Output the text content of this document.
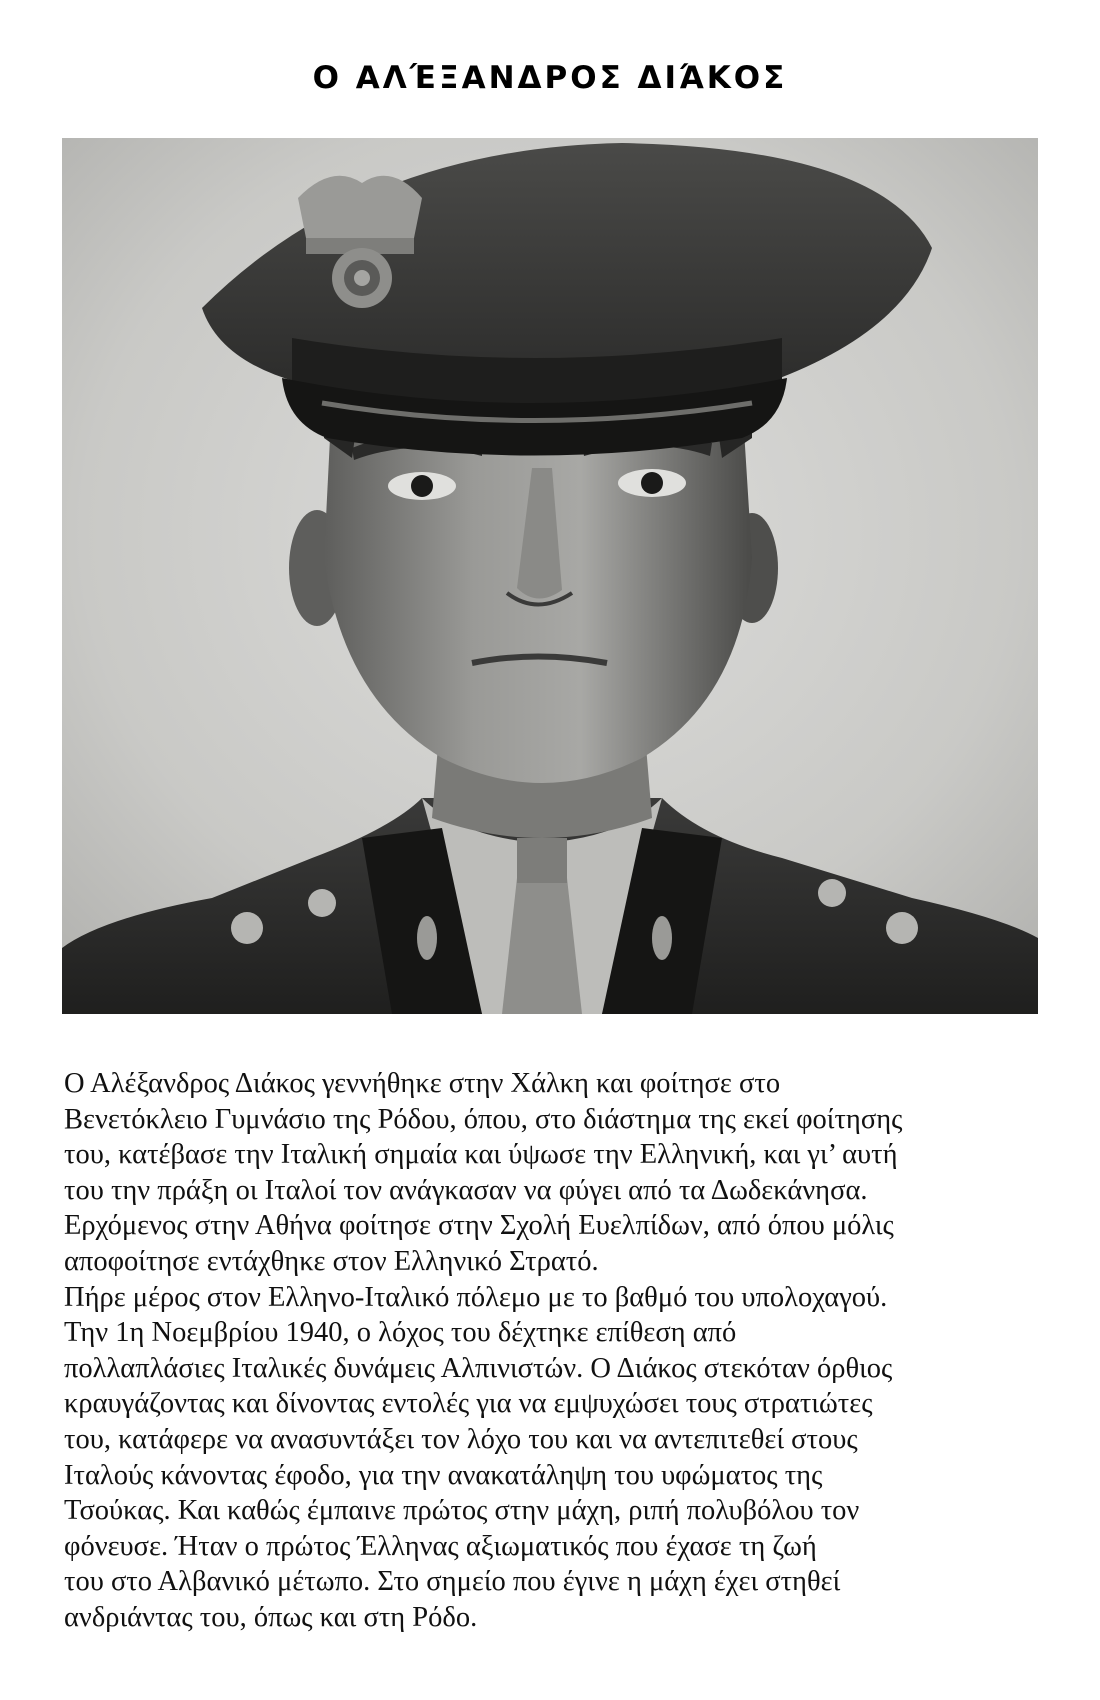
Ο ΑΛΈΞΑΝΔΡΟΣ ΔΙΆΚΟΣ
Ο Αλέξανδρος Διάκος γεννήθηκε στην Χάλκη και φοίτησε στο
Βενετόκλειο Γυμνάσιο της Ρόδου, όπου, στο διάστημα της εκεί φοίτησης
του, κατέβασε την Ιταλική σημαία και ύψωσε την Ελληνική, και γι’ αυτή
του την πράξη οι Ιταλοί τον ανάγκασαν να φύγει από τα Δωδεκάνησα.
Ερχόμενος στην Αθήνα φοίτησε στην Σχολή Ευελπίδων, από όπου μόλις
αποφοίτησε εντάχθηκε στον Ελληνικό Στρατό.
Πήρε μέρος στον Ελληνο-Ιταλικό πόλεμο με το βαθμό του υπολοχαγού.
Την 1η Νοεμβρίου 1940, ο λόχος του δέχτηκε επίθεση από
πολλαπλάσιες Ιταλικές δυνάμεις Αλπινιστών. Ο Διάκος στεκόταν όρθιος
κραυγάζοντας και δίνοντας εντολές για να εμψυχώσει τους στρατιώτες
του, κατάφερε να ανασυντάξει τον λόχο του και να αντεπιτεθεί στους
Ιταλούς κάνοντας έφοδο, για την ανακατάληψη του υφώματος της
Τσούκας. Και καθώς έμπαινε πρώτος στην μάχη, ριπή πολυβόλου τον
φόνευσε. Ήταν ο πρώτος Έλληνας αξιωματικός που έχασε τη ζωή
του στο Αλβανικό μέτωπο. Στο σημείο που έγινε η μάχη έχει στηθεί
ανδριάντας του, όπως και στη Ρόδο.
